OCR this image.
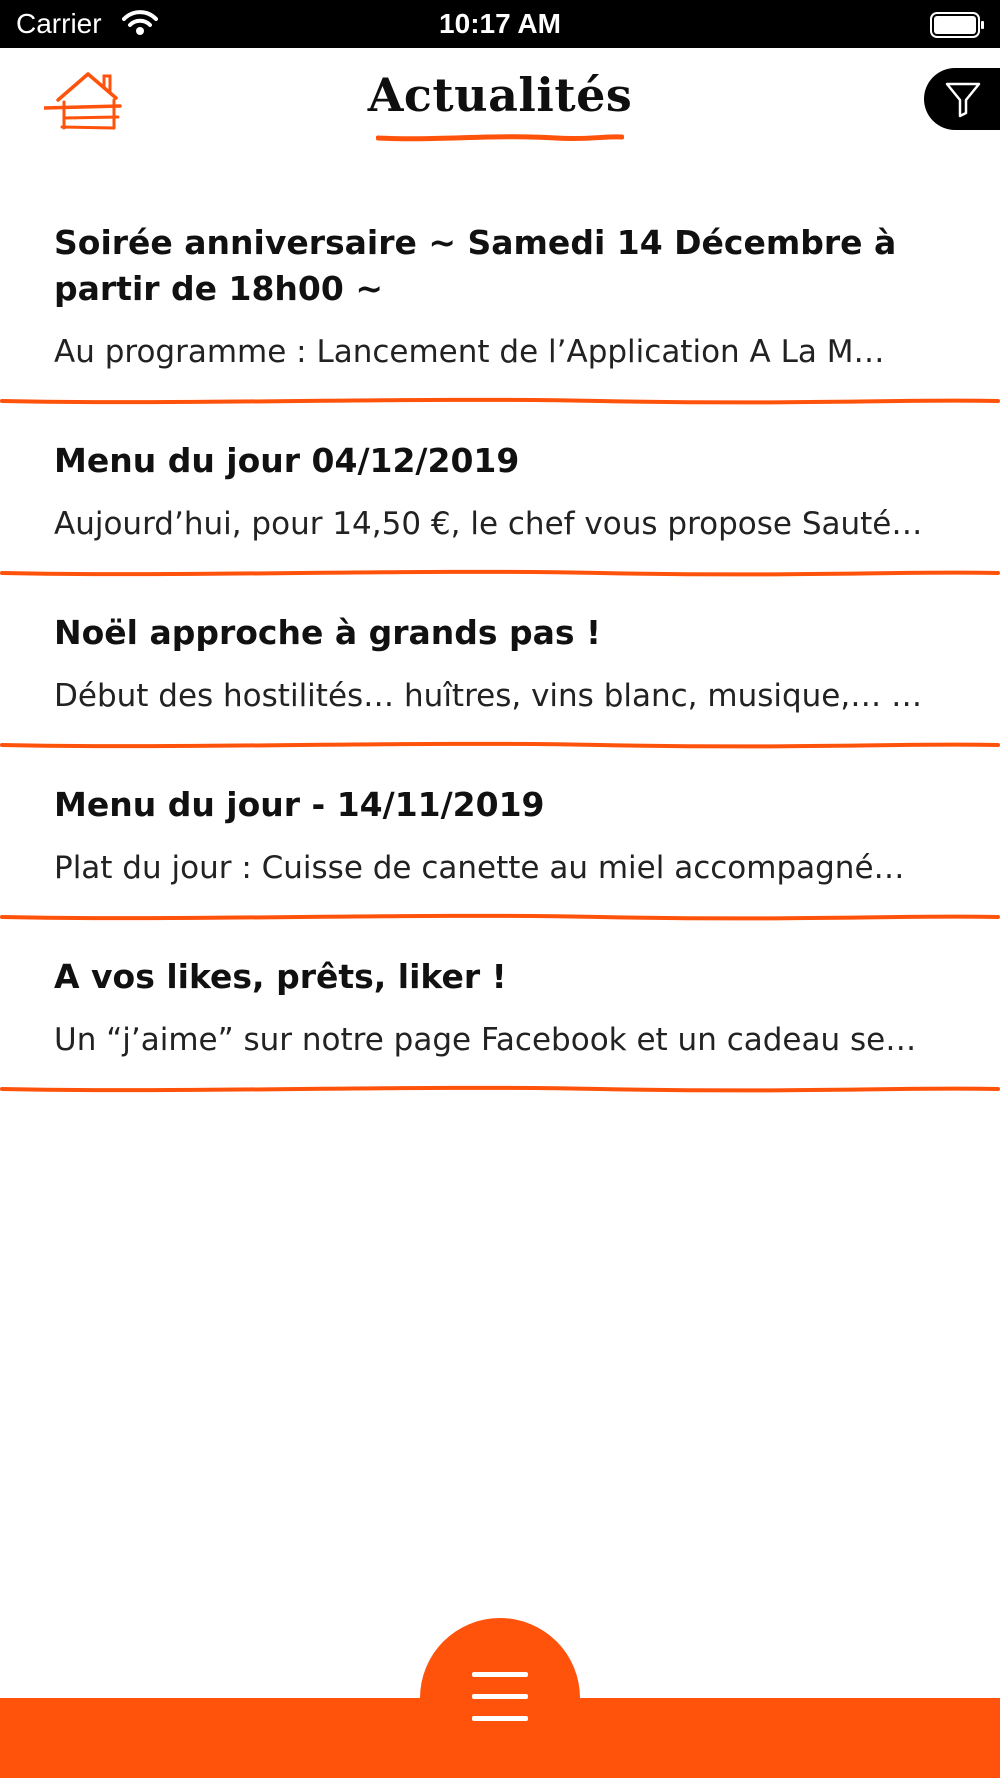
Carrier	10:17 AM
Actualités
Soirée anniversaire ~ Samedi 14 Décembre à partir de 18h00 ~

Au programme : Lancement de l’Application A La M…

Menu du jour 04/12/2019

Aujourd’hui, pour 14,50 €, le chef vous propose Sauté…

Noël approche à grands pas !

Début des hostilités… huîtres, vins blanc, musique,… …

Menu du jour - 14/11/2019

Plat du jour : Cuisse de canette au miel accompagné…

A vos likes, prêts, liker !

Un “j’aime” sur notre page Facebook et un cadeau se…
